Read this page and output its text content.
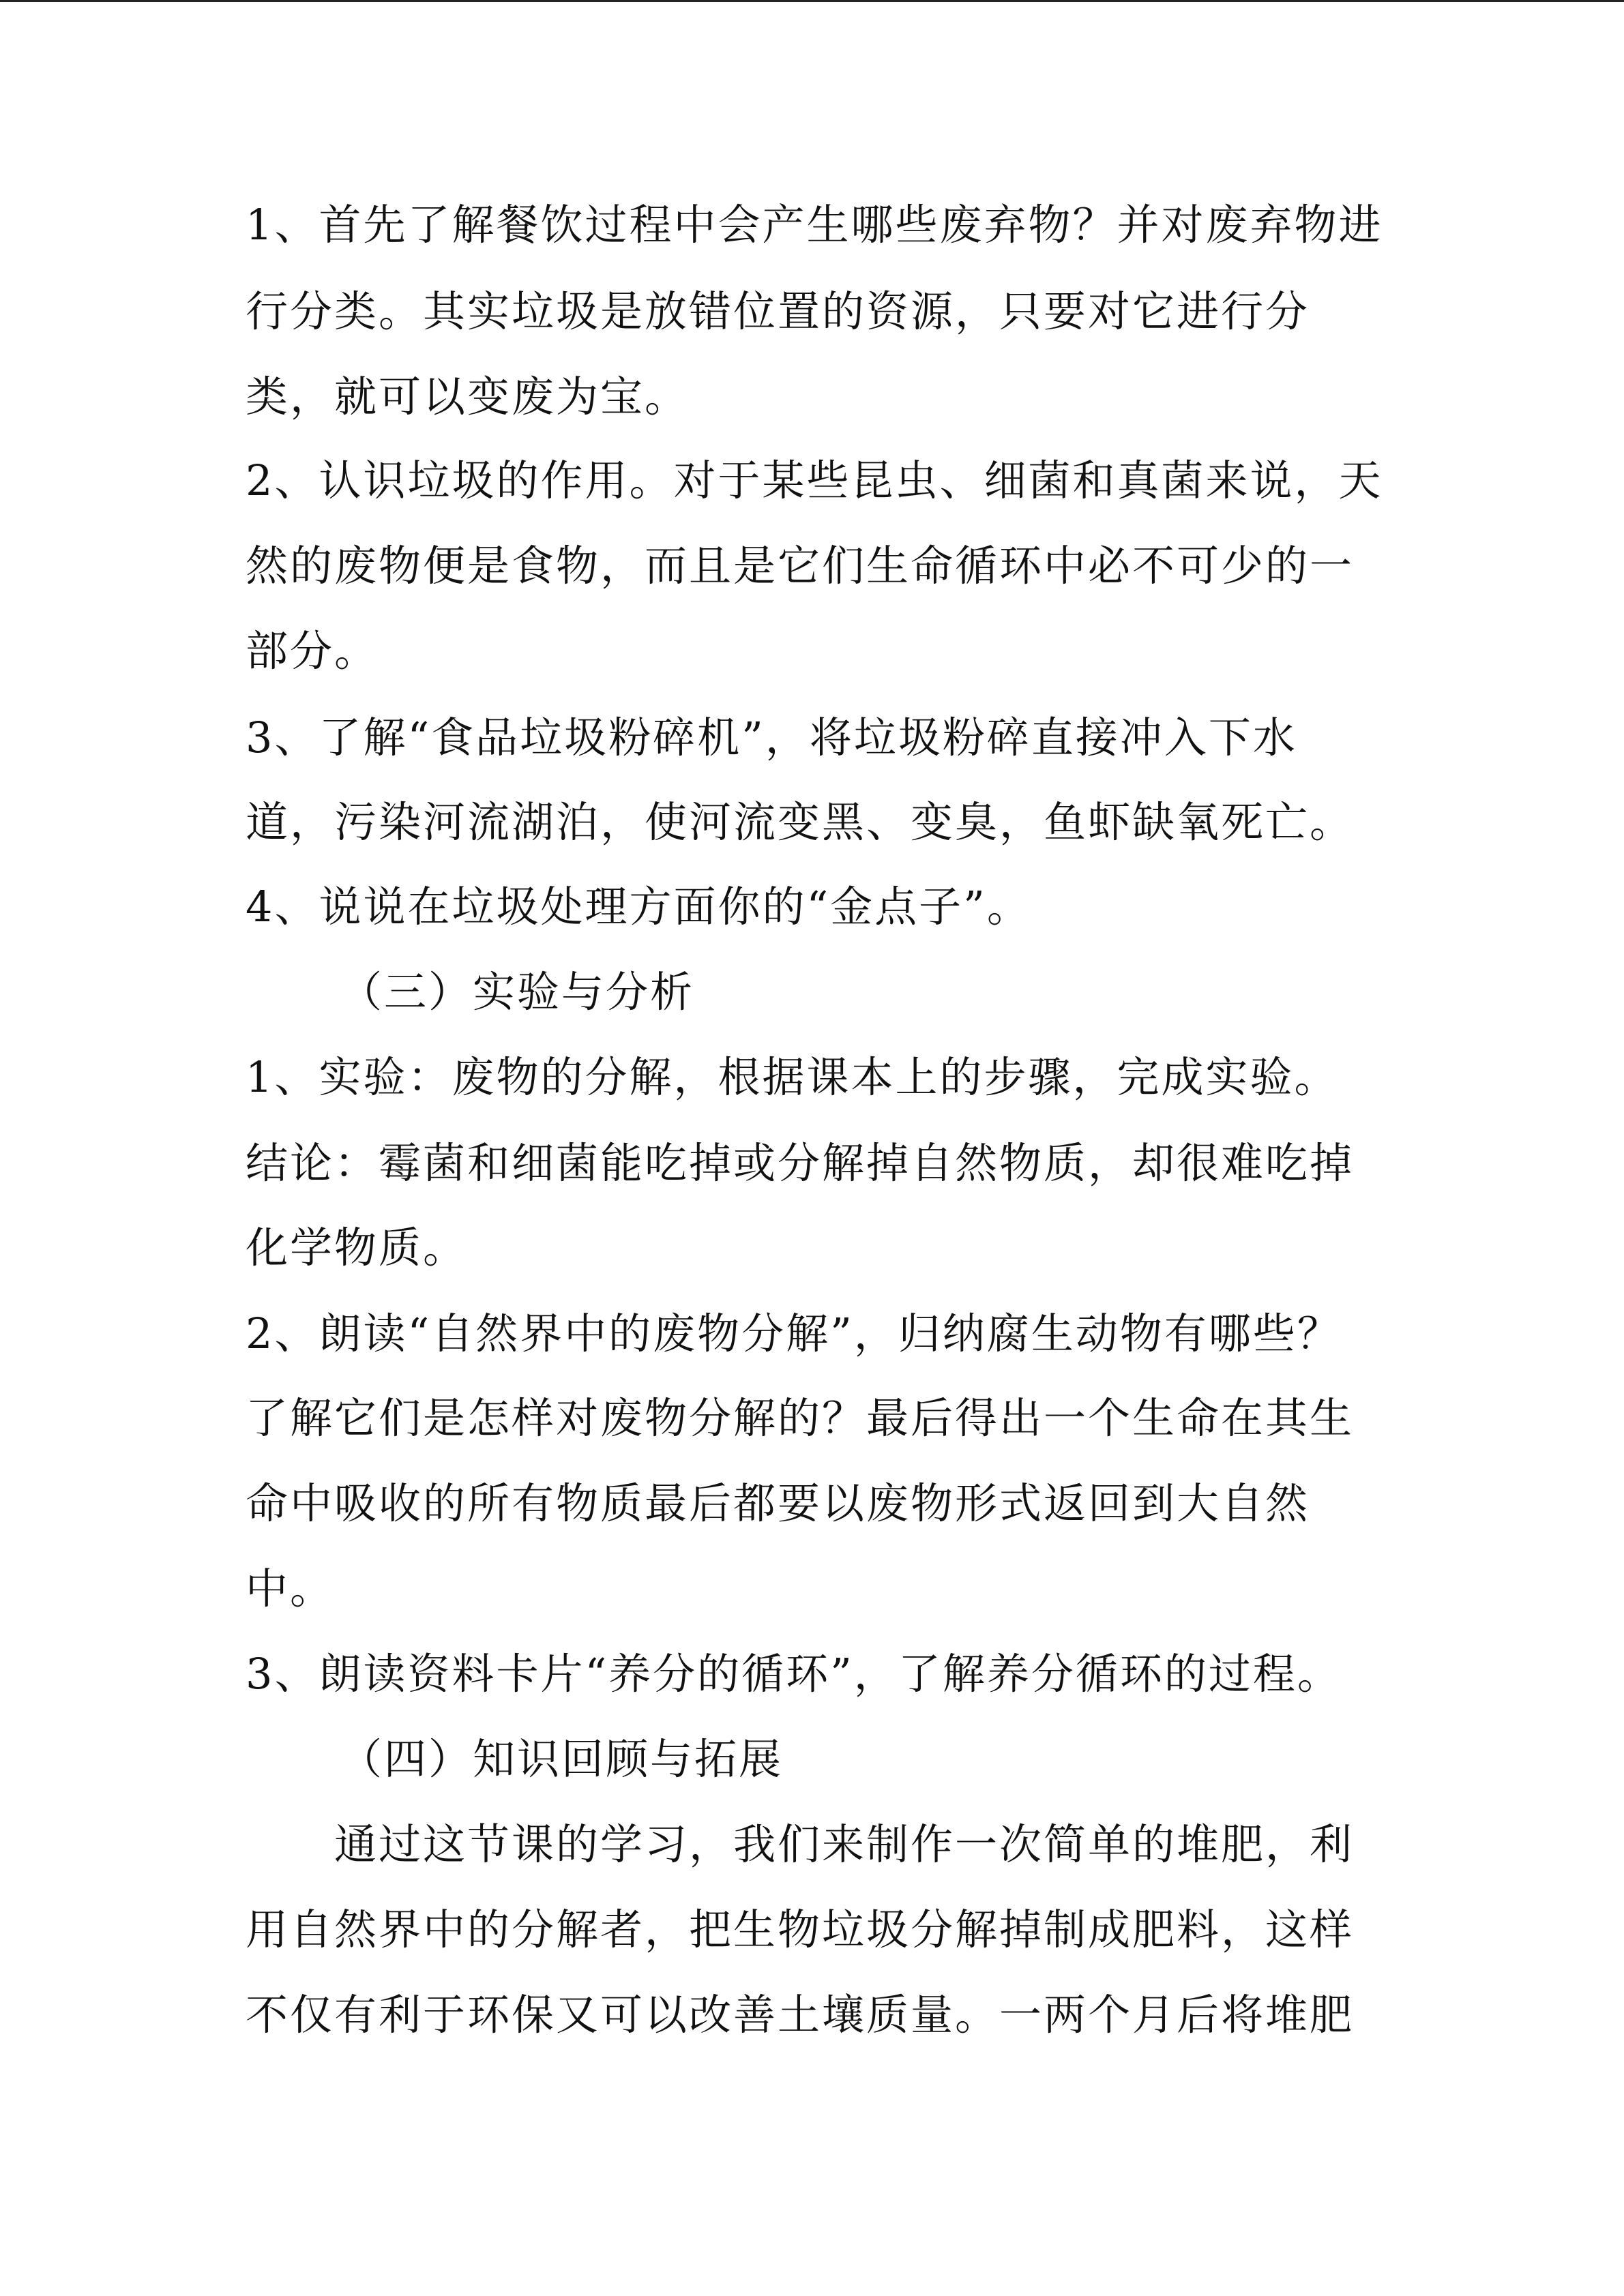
1、首先了解餐饮过程中会产生哪些废弃物？并对废弃物进
行分类。其实垃圾是放错位置的资源，只要对它进行分
类，就可以变废为宝。
2、认识垃圾的作用。对于某些昆虫、细菌和真菌来说，天
然的废物便是食物，而且是它们生命循环中必不可少的一
部分。
3、了解“食品垃圾粉碎机”，将垃圾粉碎直接冲入下水
道，污染河流湖泊，使河流变黑、变臭，鱼虾缺氧死亡。
4、说说在垃圾处理方面你的“金点子”。
（三）实验与分析
1、实验：废物的分解，根据课本上的步骤，完成实验。
结论：霉菌和细菌能吃掉或分解掉自然物质，却很难吃掉
化学物质。
2、朗读“自然界中的废物分解”，归纳腐生动物有哪些？
了解它们是怎样对废物分解的？最后得出一个生命在其生
命中吸收的所有物质最后都要以废物形式返回到大自然
中。
3、朗读资料卡片“养分的循环”，了解养分循环的过程。
（四）知识回顾与拓展
通过这节课的学习，我们来制作一次简单的堆肥，利
用自然界中的分解者，把生物垃圾分解掉制成肥料，这样
不仅有利于环保又可以改善土壤质量。一两个月后将堆肥
